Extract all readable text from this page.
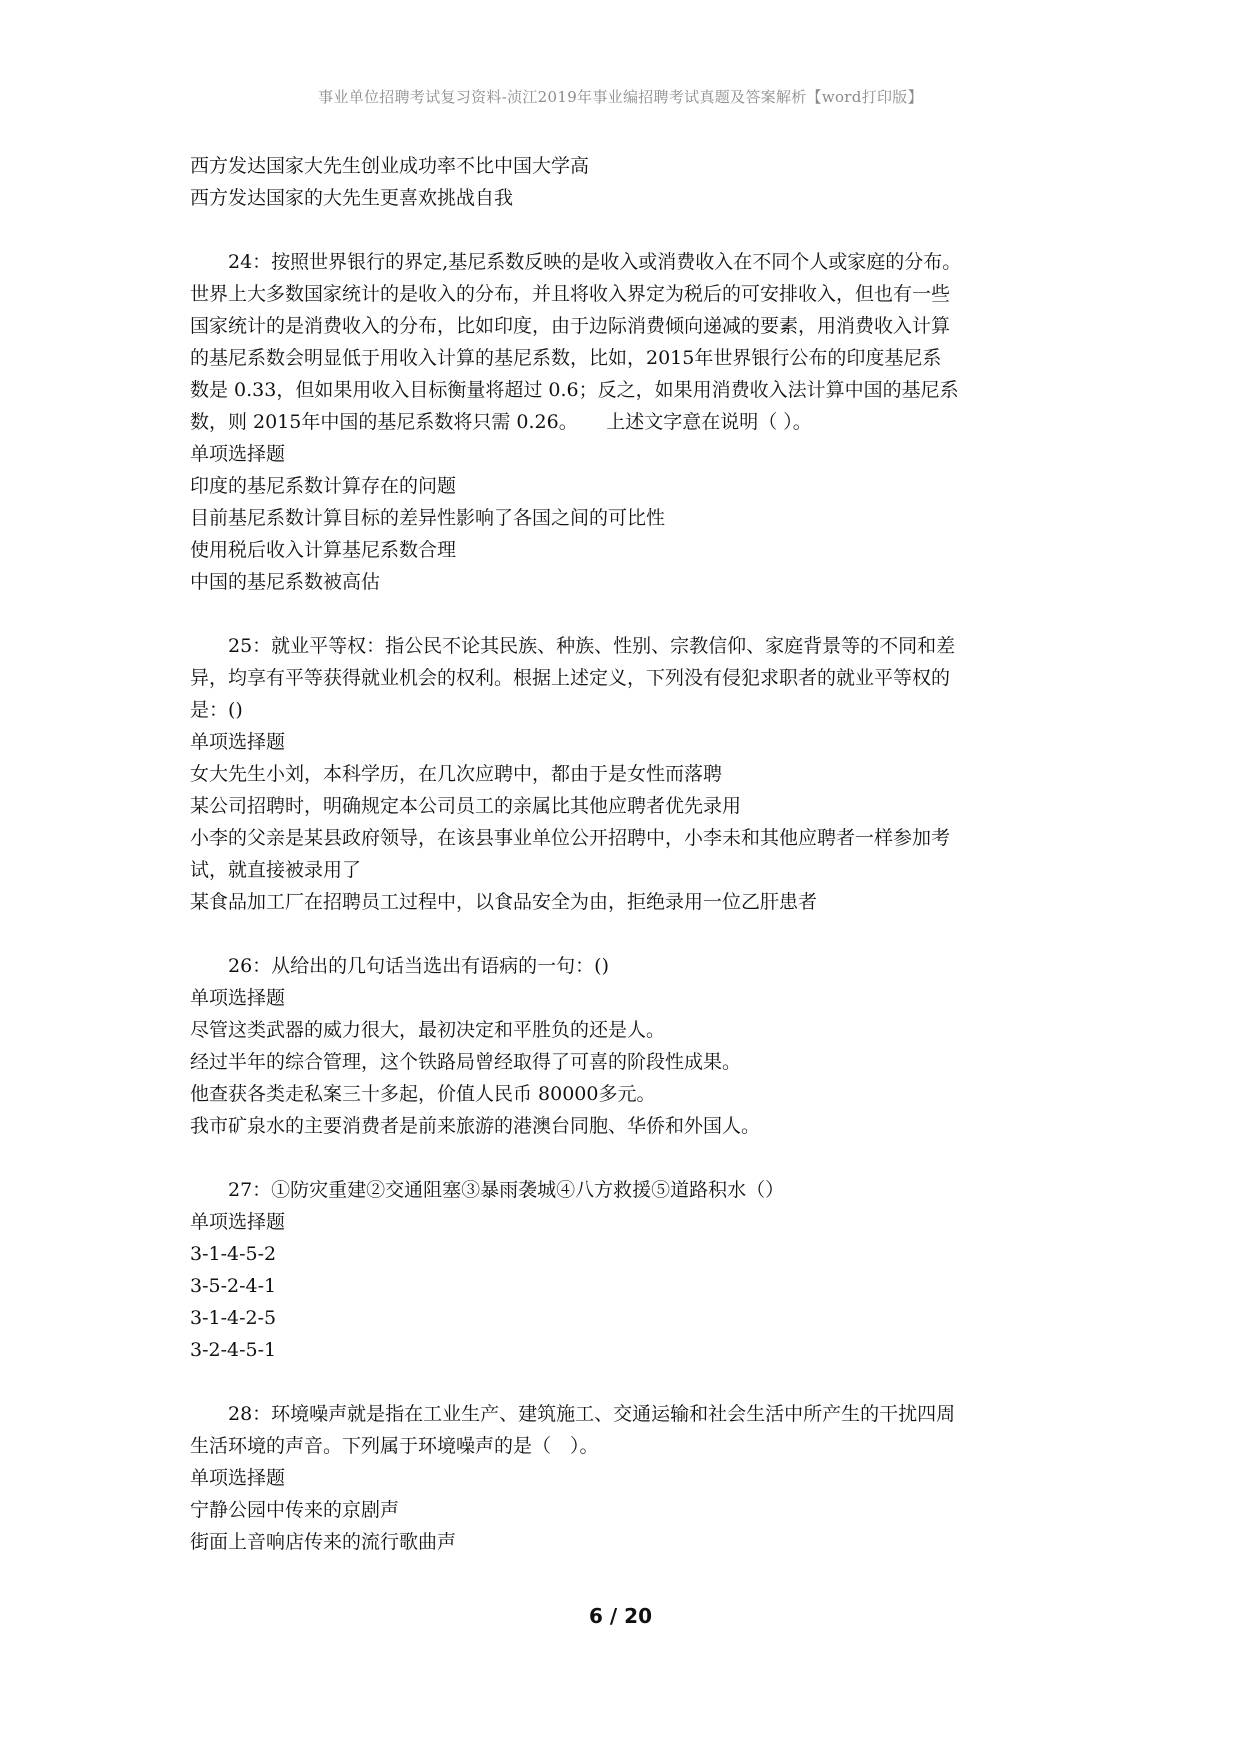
事业单位招聘考试复习资料-浈江2019年事业编招聘考试真题及答案解析【word打印版】
西方发达国家大先生创业成功率不比中国大学高
西方发达国家的大先生更喜欢挑战自我
24：按照世界银行的界定,基尼系数反映的是收入或消费收入在不同个人或家庭的分布。
世界上大多数国家统计的是收入的分布，并且将收入界定为税后的可安排收入，但也有一些
国家统计的是消费收入的分布，比如印度，由于边际消费倾向递减的要素，用消费收入计算
的基尼系数会明显低于用收入计算的基尼系数，比如，2015年世界银行公布的印度基尼系
数是 0.33，但如果用收入目标衡量将超过 0.6；反之，如果用消费收入法计算中国的基尼系
数，则 2015年中国的基尼系数将只需 0.26。　　上述文字意在说明（ ）。
单项选择题
印度的基尼系数计算存在的问题
目前基尼系数计算目标的差异性影响了各国之间的可比性
使用税后收入计算基尼系数合理
中国的基尼系数被高估
25：就业平等权：指公民不论其民族、种族、性别、宗教信仰、家庭背景等的不同和差
异，均享有平等获得就业机会的权利。根据上述定义，下列没有侵犯求职者的就业平等权的
是：()
单项选择题
女大先生小刘，本科学历，在几次应聘中，都由于是女性而落聘
某公司招聘时，明确规定本公司员工的亲属比其他应聘者优先录用
小李的父亲是某县政府领导，在该县事业单位公开招聘中，小李未和其他应聘者一样参加考
试，就直接被录用了
某食品加工厂在招聘员工过程中，以食品安全为由，拒绝录用一位乙肝患者
26：从给出的几句话当选出有语病的一句：()
单项选择题
尽管这类武器的威力很大，最初决定和平胜负的还是人。
经过半年的综合管理，这个铁路局曾经取得了可喜的阶段性成果。
他查获各类走私案三十多起，价值人民币 80000多元。
我市矿泉水的主要消费者是前来旅游的港澳台同胞、华侨和外国人。
27：①防灾重建②交通阻塞③暴雨袭城④八方救援⑤道路积水（）
单项选择题
3-1-4-5-2
3-5-2-4-1
3-1-4-2-5
3-2-4-5-1
28：环境噪声就是指在工业生产、建筑施工、交通运输和社会生活中所产生的干扰四周
生活环境的声音。下列属于环境噪声的是（　）。
单项选择题
宁静公园中传来的京剧声
街面上音响店传来的流行歌曲声
6 / 20
